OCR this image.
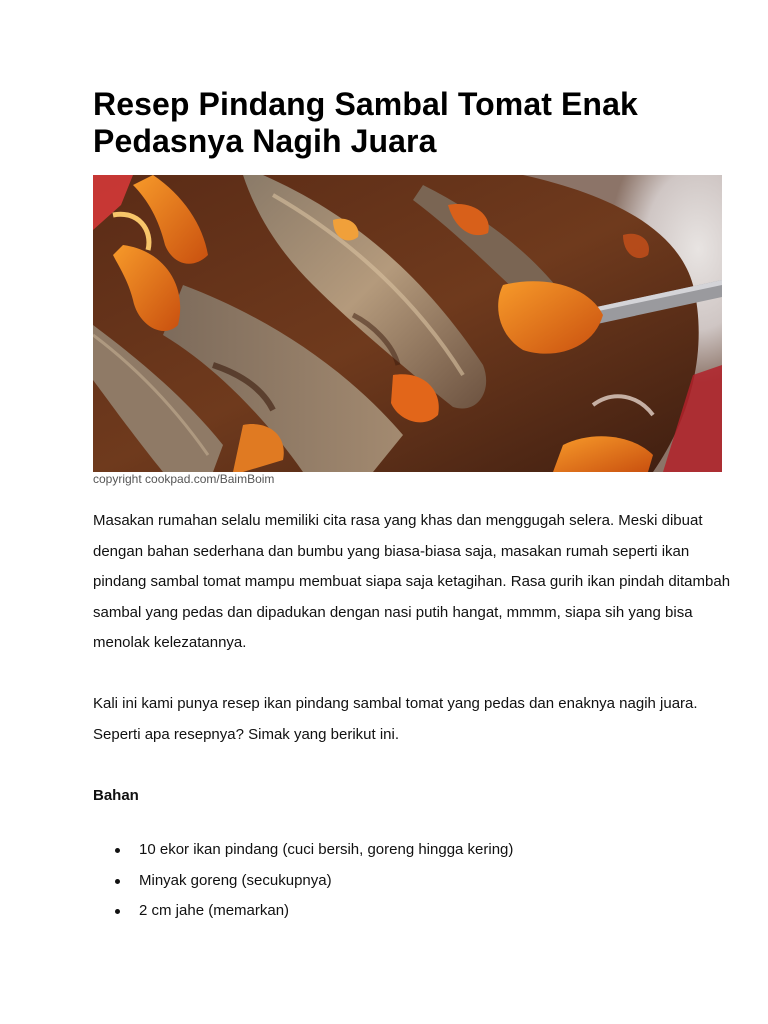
Resep Pindang Sambal Tomat Enak Pedasnya Nagih Juara
copyright cookpad.com/BaimBoim

Masakan rumahan selalu memiliki cita rasa yang khas dan menggugah selera. Meski dibuat dengan bahan sederhana dan bumbu yang biasa-biasa saja, masakan rumah seperti ikan pindang sambal tomat mampu membuat siapa saja ketagihan. Rasa gurih ikan pindah ditambah sambal yang pedas dan dipadukan dengan nasi putih hangat, mmmm, siapa sih yang bisa menolak kelezatannya.

Kali ini kami punya resep ikan pindang sambal tomat yang pedas dan enaknya nagih juara. Seperti apa resepnya? Simak yang berikut ini.

Bahan
10 ekor ikan pindang (cuci bersih, goreng hingga kering)
Minyak goreng (secukupnya)
2 cm jahe (memarkan)
